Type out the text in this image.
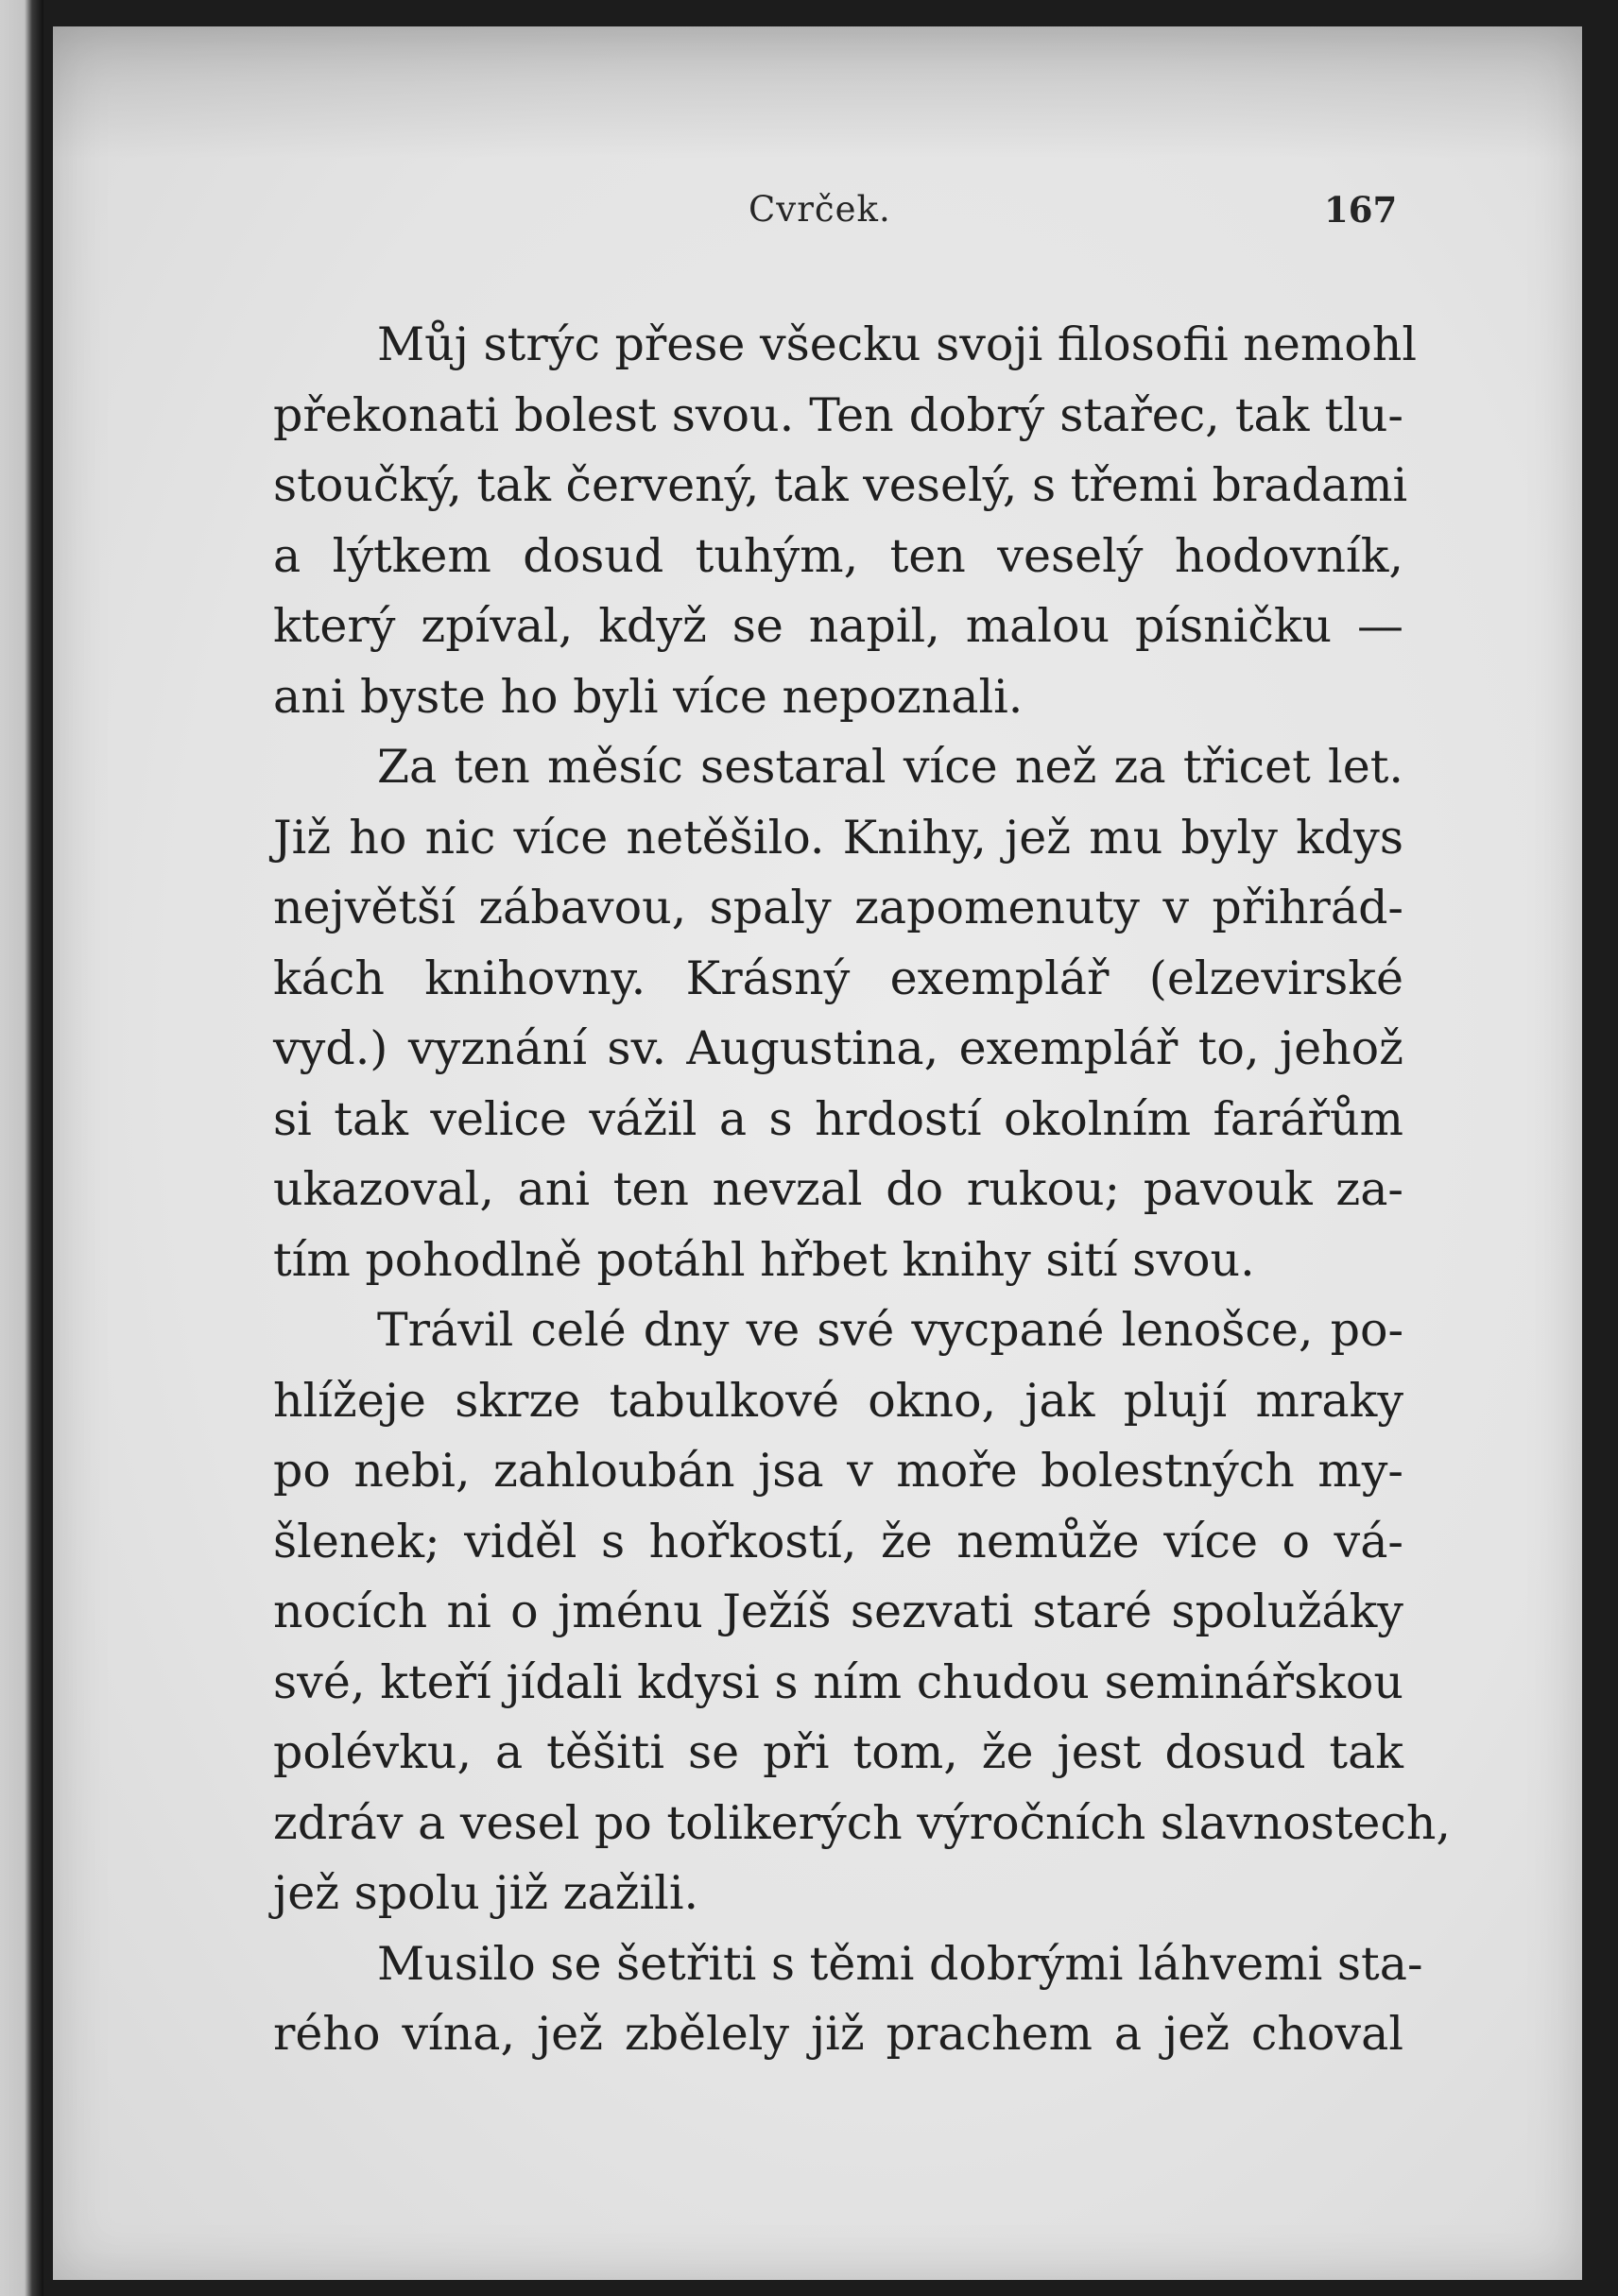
Cvrček.	167
Můj strýc přese všecku svoji filosofii nemohl
překonati bolest svou. Ten dobrý stařec, tak tlu-
stoučký, tak červený, tak veselý, s třemi bradami
a lýtkem dosud tuhým, ten veselý hodovník,
který zpíval, když se napil, malou písničku —
ani byste ho byli více nepoznali.
Za ten měsíc sestaral více než za třicet let.
Již ho nic více netěšilo. Knihy, jež mu byly kdys
největší zábavou, spaly zapomenuty v přihrád-
kách knihovny. Krásný exemplář (elzevirské
vyd.) vyznání sv. Augustina, exemplář to, jehož
si tak velice vážil a s hrdostí okolním farářům
ukazoval, ani ten nevzal do rukou; pavouk za-
tím pohodlně potáhl hřbet knihy sití svou.
Trávil celé dny ve své vycpané lenošce, po-
hlížeje skrze tabulkové okno, jak plují mraky
po nebi, zahloubán jsa v moře bolestných my-
šlenek; viděl s hořkostí, že nemůže více o vá-
nocích ni o jménu Ježíš sezvati staré spolužáky
své, kteří jídali kdysi s ním chudou seminářskou
polévku, a těšiti se při tom, že jest dosud tak
zdráv a vesel po tolikerých výročních slavnostech,
jež spolu již zažili.
Musilo se šetřiti s těmi dobrými láhvemi sta-
rého vína, jež zbělely již prachem a jež choval
